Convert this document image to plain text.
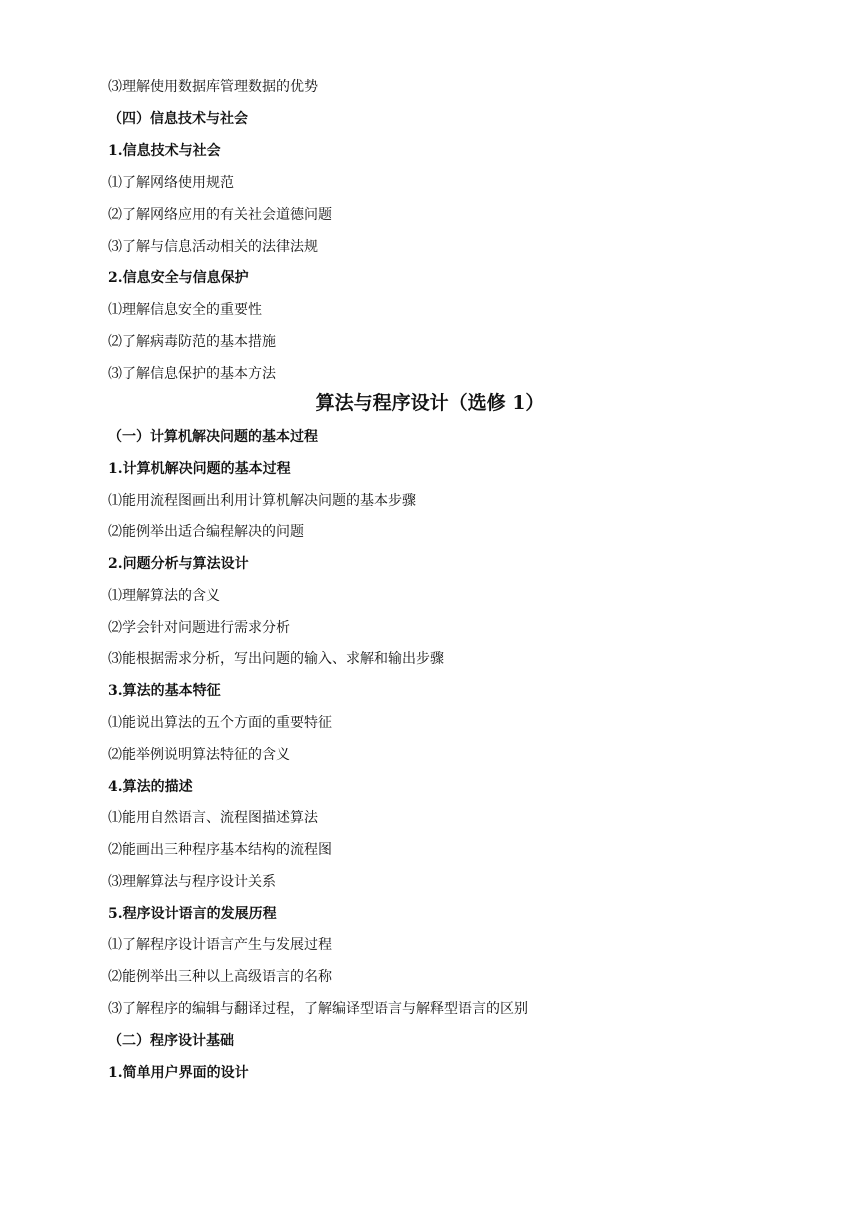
⑶理解使用数据库管理数据的优势
（四）信息技术与社会
1.信息技术与社会
⑴了解网络使用规范
⑵了解网络应用的有关社会道德问题
⑶了解与信息活动相关的法律法规
2.信息安全与信息保护
⑴理解信息安全的重要性
⑵了解病毒防范的基本措施
⑶了解信息保护的基本方法
算法与程序设计（选修 1）
（一）计算机解决问题的基本过程
1.计算机解决问题的基本过程
⑴能用流程图画出利用计算机解决问题的基本步骤
⑵能例举出适合编程解决的问题
2.问题分析与算法设计
⑴理解算法的含义
⑵学会针对问题进行需求分析
⑶能根据需求分析，写出问题的输入、求解和输出步骤
3.算法的基本特征
⑴能说出算法的五个方面的重要特征
⑵能举例说明算法特征的含义
4.算法的描述
⑴能用自然语言、流程图描述算法
⑵能画出三种程序基本结构的流程图
⑶理解算法与程序设计关系
5.程序设计语言的发展历程
⑴了解程序设计语言产生与发展过程
⑵能例举出三种以上高级语言的名称
⑶了解程序的编辑与翻译过程，了解编译型语言与解释型语言的区别
（二）程序设计基础
1.简单用户界面的设计
